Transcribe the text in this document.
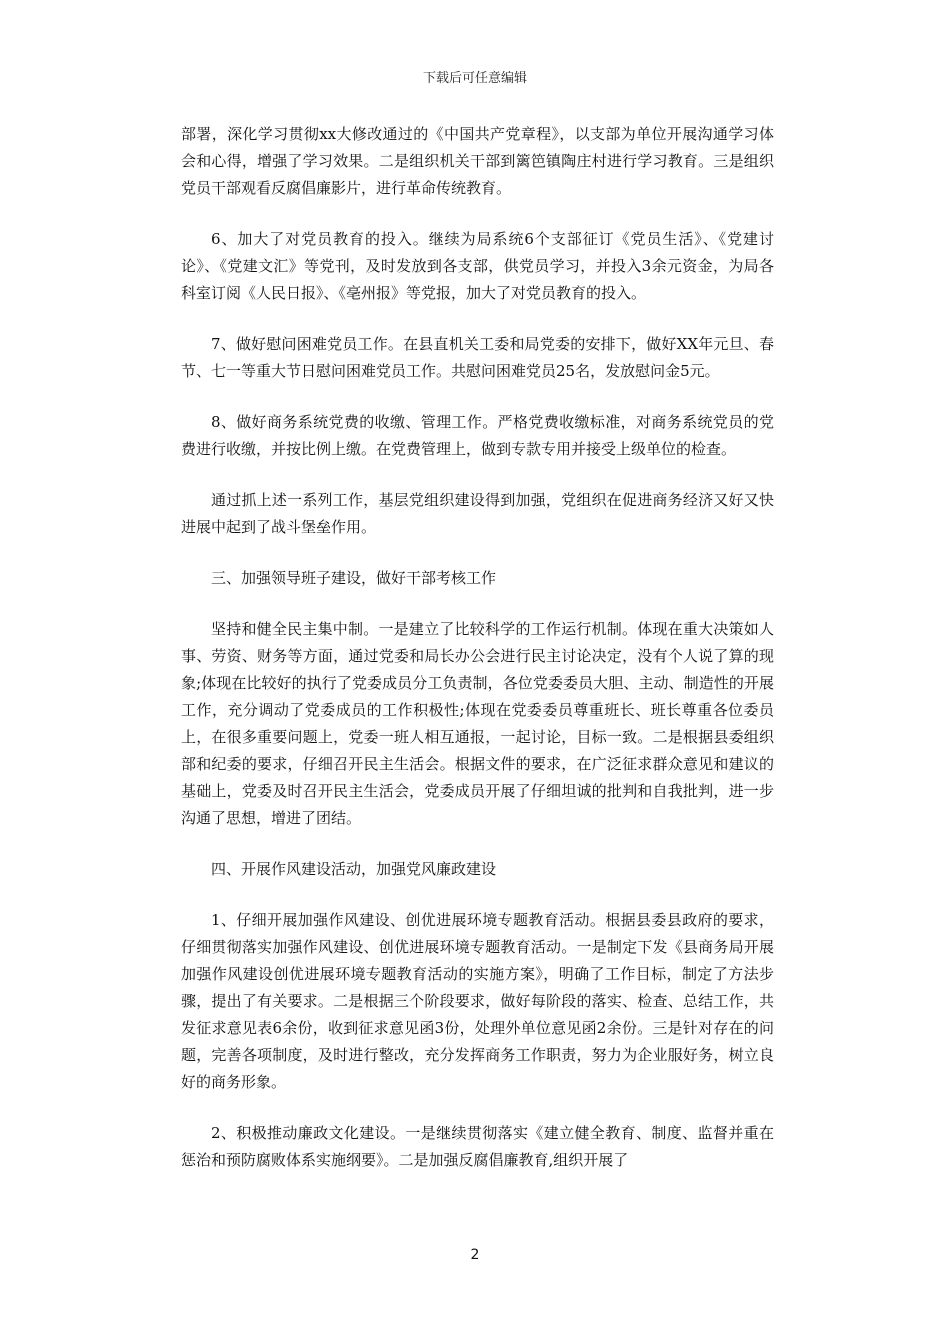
下载后可任意编辑

部署，深化学习贯彻xx大修改通过的《中国共产党章程》，以支部为单位开展沟通学习体会和心得，增强了学习效果。二是组织机关干部到篱笆镇陶庄村进行学习教育。三是组织党员干部观看反腐倡廉影片，进行革命传统教育。

6、加大了对党员教育的投入。继续为局系统6个支部征订《党员生活》、《党建讨论》、《党建文汇》等党刊，及时发放到各支部，供党员学习，并投入3余元资金，为局各科室订阅《人民日报》、《亳州报》等党报，加大了对党员教育的投入。

7、做好慰问困难党员工作。在县直机关工委和局党委的安排下，做好XX年元旦、春节、七一等重大节日慰问困难党员工作。共慰问困难党员25名，发放慰问金5元。

8、做好商务系统党费的收缴、管理工作。严格党费收缴标准，对商务系统党员的党费进行收缴，并按比例上缴。在党费管理上，做到专款专用并接受上级单位的检查。

通过抓上述一系列工作，基层党组织建设得到加强，党组织在促进商务经济又好又快进展中起到了战斗堡垒作用。

三、加强领导班子建设，做好干部考核工作

坚持和健全民主集中制。一是建立了比较科学的工作运行机制。体现在重大决策如人事、劳资、财务等方面，通过党委和局长办公会进行民主讨论决定，没有个人说了算的现象;体现在比较好的执行了党委成员分工负责制，各位党委委员大胆、主动、制造性的开展工作，充分调动了党委成员的工作积极性;体现在党委委员尊重班长、班长尊重各位委员上，在很多重要问题上，党委一班人相互通报，一起讨论，目标一致。二是根据县委组织部和纪委的要求，仔细召开民主生活会。根据文件的要求，在广泛征求群众意见和建议的基础上，党委及时召开民主生活会，党委成员开展了仔细坦诚的批判和自我批判，进一步沟通了思想，增进了团结。

四、开展作风建设活动，加强党风廉政建设

1、仔细开展加强作风建设、创优进展环境专题教育活动。根据县委县政府的要求，仔细贯彻落实加强作风建设、创优进展环境专题教育活动。一是制定下发《县商务局开展加强作风建设创优进展环境专题教育活动的实施方案》，明确了工作目标，制定了方法步骤，提出了有关要求。二是根据三个阶段要求，做好每阶段的落实、检查、总结工作，共发征求意见表6余份，收到征求意见函3份，处理外单位意见函2余份。三是针对存在的问题，完善各项制度，及时进行整改，充分发挥商务工作职责，努力为企业服好务，树立良好的商务形象。

2、积极推动廉政文化建设。一是继续贯彻落实《建立健全教育、制度、监督并重在惩治和预防腐败体系实施纲要》。二是加强反腐倡廉教育,组织开展了

2
